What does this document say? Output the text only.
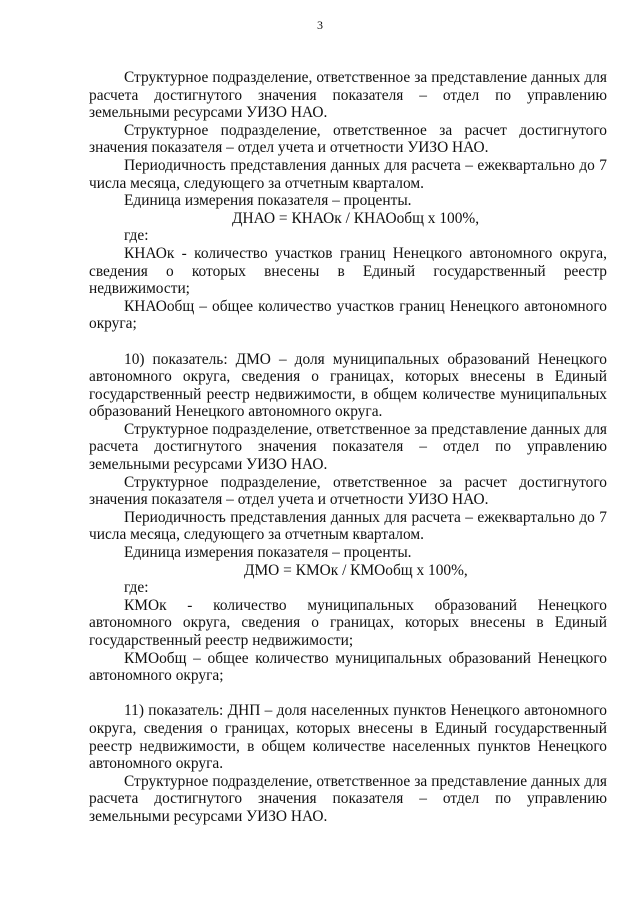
3

Структурное подразделение, ответственное за представление данных для расчета достигнутого значения показателя – отдел по управлению земельными ресурсами УИЗО НАО.

Структурное подразделение, ответственное за расчет достигнутого значения показателя – отдел учета и отчетности УИЗО НАО.

Периодичность представления данных для расчета – ежеквартально до 7 числа месяца, следующего за отчетным кварталом.

Единица измерения показателя – проценты.

ДНАО = КНАОк / КНАОобщ x 100%,

где:

КНАОк - количество участков границ Ненецкого автономного округа, сведения о которых внесены в Единый государственный реестр недвижимости;

КНАОобщ – общее количество участков границ Ненецкого автономного округа;

10) показатель: ДМО – доля муниципальных образований Ненецкого автономного округа, сведения о границах, которых внесены в Единый государственный реестр недвижимости, в общем количестве муниципальных образований Ненецкого автономного округа.

Структурное подразделение, ответственное за представление данных для расчета достигнутого значения показателя – отдел по управлению земельными ресурсами УИЗО НАО.

Структурное подразделение, ответственное за расчет достигнутого значения показателя – отдел учета и отчетности УИЗО НАО.

Периодичность представления данных для расчета – ежеквартально до 7 числа месяца, следующего за отчетным кварталом.

Единица измерения показателя – проценты.

ДМО = КМОк / КМОобщ x 100%,

где:

КМОк - количество муниципальных образований Ненецкого автономного округа, сведения о границах, которых внесены в Единый государственный реестр недвижимости;

КМОобщ – общее количество муниципальных образований Ненецкого автономного округа;

11) показатель: ДНП – доля населенных пунктов Ненецкого автономного округа, сведения о границах, которых внесены в Единый государственный реестр недвижимости, в общем количестве населенных пунктов Ненецкого автономного округа.

Структурное подразделение, ответственное за представление данных для расчета достигнутого значения показателя – отдел по управлению земельными ресурсами УИЗО НАО.
